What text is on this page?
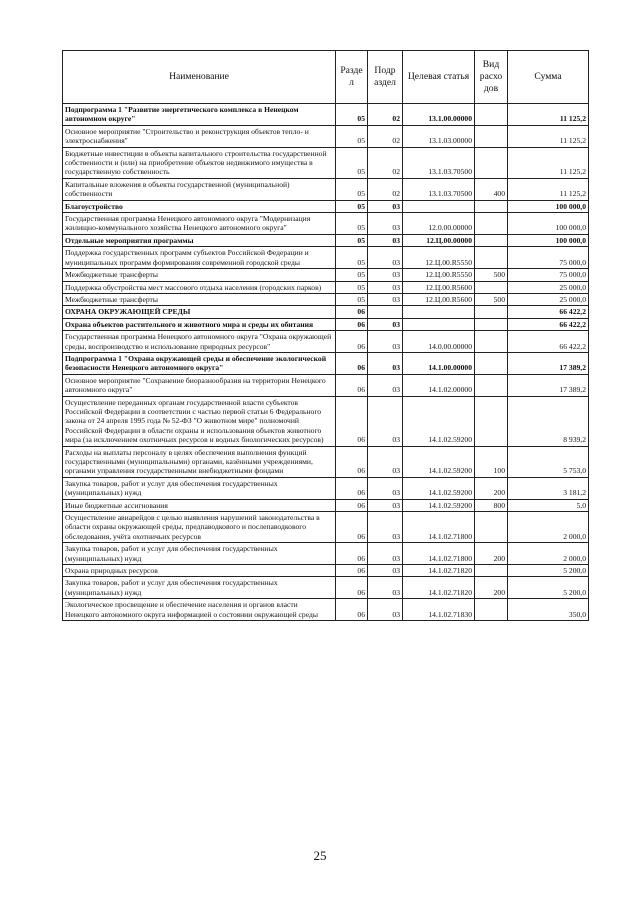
Наименование	Разде л	Подр аздел	Целевая статья	Вид расхо дов	Сумма
Подпрограмма 1 "Развитие энергетического комплекса в Ненецком автономном округе"	05	02	13.1.00.00000		11 125,2
Основное мероприятие "Строительство и реконструкция объектов тепло- и электроснабжения"	05	02	13.1.03.00000		11 125,2
Бюджетные инвестиции в объекты капитального строительства государственной собственности и (или) на приобретение объектов недвижимого имущества в государственную собственность	05	02	13.1.03.70500		11 125,2
Капитальные вложения в объекты государственной (муниципальной) собственности	05	02	13.1.03.70500	400	11 125,2
Благоустройство	05	03			100 000,0
Государственная программа Ненецкого автономного округа "Модернизация жилищно-коммунального хозяйства Ненецкого автономного округа"	05	03	12.0.00.00000		100 000,0
Отдельные мероприятия программы	05	03	12.Ц.00.00000		100 000,0
Поддержка государственных программ субъектов Российской Федерации и муниципальных программ формирования современной городской среды	05	03	12.Ц.00.R5550		75 000,0
Межбюджетные трансферты	05	03	12.Ц.00.R5550	500	75 000,0
Поддержка обустройства мест массового отдыха населения (городских парков)	05	03	12.Ц.00.R5600		25 000,0
Межбюджетные трансферты	05	03	12.Ц.00.R5600	500	25 000,0
ОХРАНА ОКРУЖАЮЩЕЙ СРЕДЫ	06				66 422,2
Охрана объектов растительного и животного мира и среды их обитания	06	03			66 422,2
Государственная программа Ненецкого автономного округа "Охрана окружающей среды, воспроизводство и использование природных ресурсов"	06	03	14.0.00.00000		66 422,2
Подпрограмма 1 "Охрана окружающей среды и обеспечение экологической безопасности Ненецкого автономного округа"	06	03	14.1.00.00000		17 389,2
Основное мероприятие "Сохранение биоразнообразия на территории Ненецкого автономного округа"	06	03	14.1.02.00000		17 389,2
Осуществление переданных органам государственной власти субъектов Российской Федерации в соответствии с частью первой статьи 6 Федерального закона от 24 апреля 1995 года № 52-ФЗ "О животном мире" полномочий Российской Федерации в области охраны и использования объектов животного мира (за исключением охотничьих ресурсов и водных биологических ресурсов)	06	03	14.1.02.59200		8 939,2
Расходы на выплаты персоналу в целях обеспечения выполнения функций государственными (муниципальными) органами, казёнными учреждениями, органами управления государственными внебюджетными фондами	06	03	14.1.02.59200	100	5 753,0
Закупка товаров, работ и услуг для обеспечения государственных (муниципальных) нужд	06	03	14.1.02.59200	200	3 181,2
Иные бюджетные ассигнования	06	03	14.1.02.59200	800	5,0
Осуществление авиарейдов с целью выявления нарушений законодательства в области охраны окружающей среды, предпаводкового и послепаводкового обследования, учёта охотничьих ресурсов	06	03	14.1.02.71800		2 000,0
Закупка товаров, работ и услуг для обеспечения государственных (муниципальных) нужд	06	03	14.1.02.71800	200	2 000,0
Охрана природных ресурсов	06	03	14.1.02.71820		5 200,0
Закупка товаров, работ и услуг для обеспечения государственных (муниципальных) нужд	06	03	14.1.02.71820	200	5 200,0
Экологическое просвещение и обеспечение населения и органов власти Ненецкого автономного округа информацией о состоянии окружающей среды	06	03	14.1.02.71830		350,0
25
